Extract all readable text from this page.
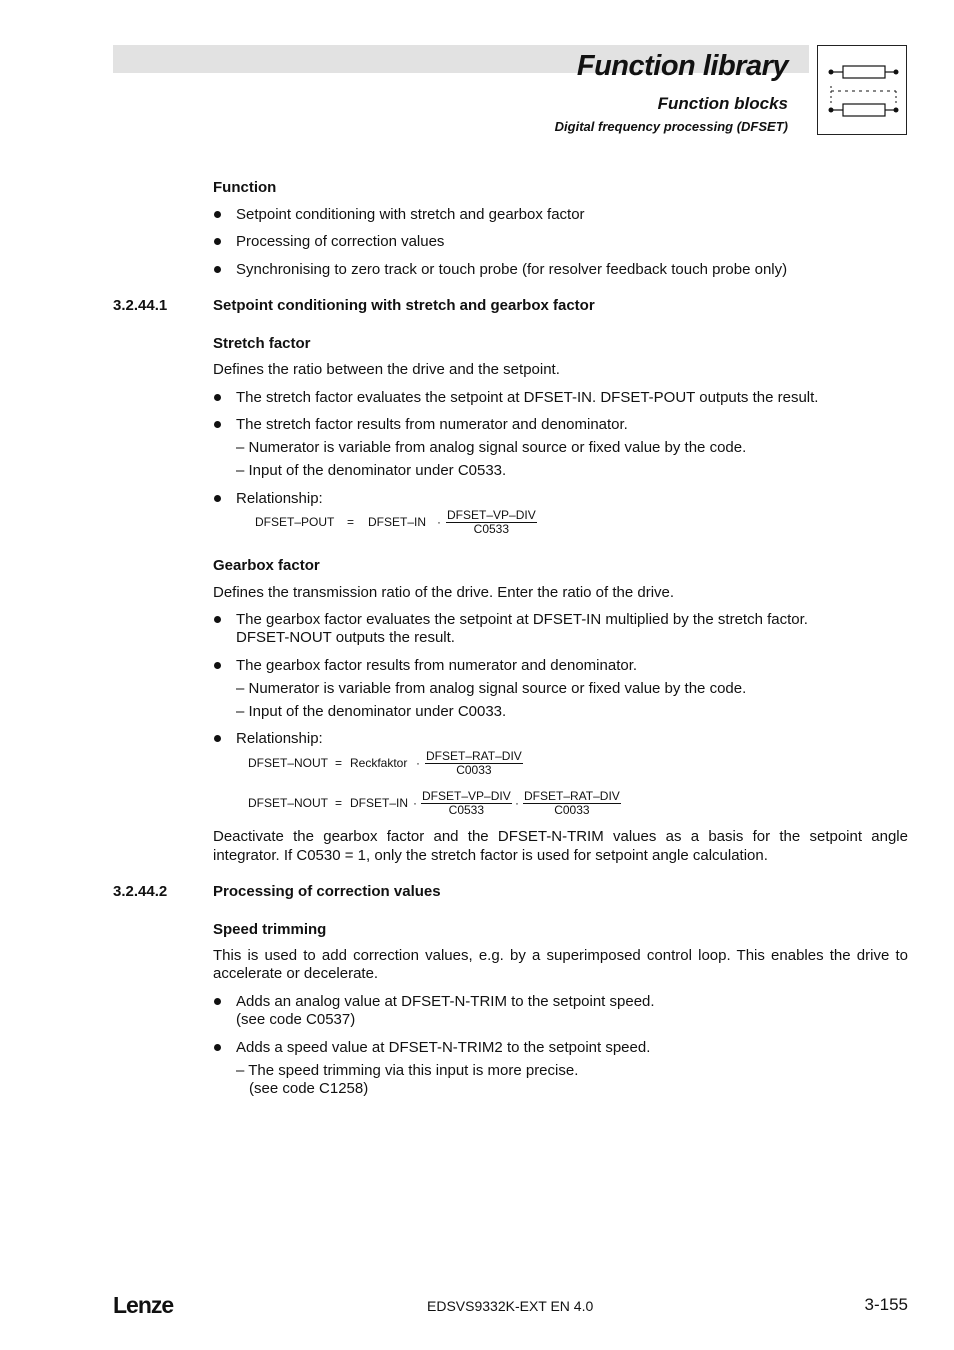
Function library
Function blocks
Digital frequency processing (DFSET)
Function
Setpoint conditioning with stretch and gearbox factor
Processing of correction values
Synchronising to zero track or touch probe (for resolver feedback touch probe only)
3.2.44.1	Setpoint conditioning with stretch and gearbox factor
Stretch factor
Defines the ratio between the drive and the setpoint.
The stretch factor evaluates the setpoint at DFSET-IN. DFSET-POUT outputs the result.
The stretch factor results from numerator and denominator.
– Numerator is variable from analog signal source or fixed value by the code.
– Input of the denominator under C0533.
Relationship:
DFSET–POUT = DFSET–IN · DFSET–VP–DIV
C0533
Gearbox factor
Defines the transmission ratio of the drive. Enter the ratio of the drive.
The gearbox factor evaluates the setpoint at DFSET-IN multiplied by the stretch factor.
DFSET-NOUT outputs the result.
The gearbox factor results from numerator and denominator.
– Numerator is variable from analog signal source or fixed value by the code.
– Input of the denominator under C0033.
Relationship:
DFSET–NOUT = Reckfaktor · DFSET–RAT–DIV
C0033
DFSET–NOUT = DFSET–IN · DFSET–VP–DIV
C0533	· DFSET–RAT–DIV
C0033
Deactivate the gearbox factor and the DFSET-N-TRIM values as a basis for the setpoint angle
integrator. If C0530 = 1, only the stretch factor is used for setpoint angle calculation.
3.2.44.2	Processing of correction values
Speed trimming
This is used to add correction values, e.g. by a superimposed control loop. This enables the drive to
accelerate or decelerate.
Adds an analog value at DFSET-N-TRIM to the setpoint speed.
(see code C0537)
Adds a speed value at DFSET-N-TRIM2 to the setpoint speed.
– The speed trimming via this input is more precise.
(see code C1258)
Lenze	EDSVS9332K-EXT EN 4.0	3-155
